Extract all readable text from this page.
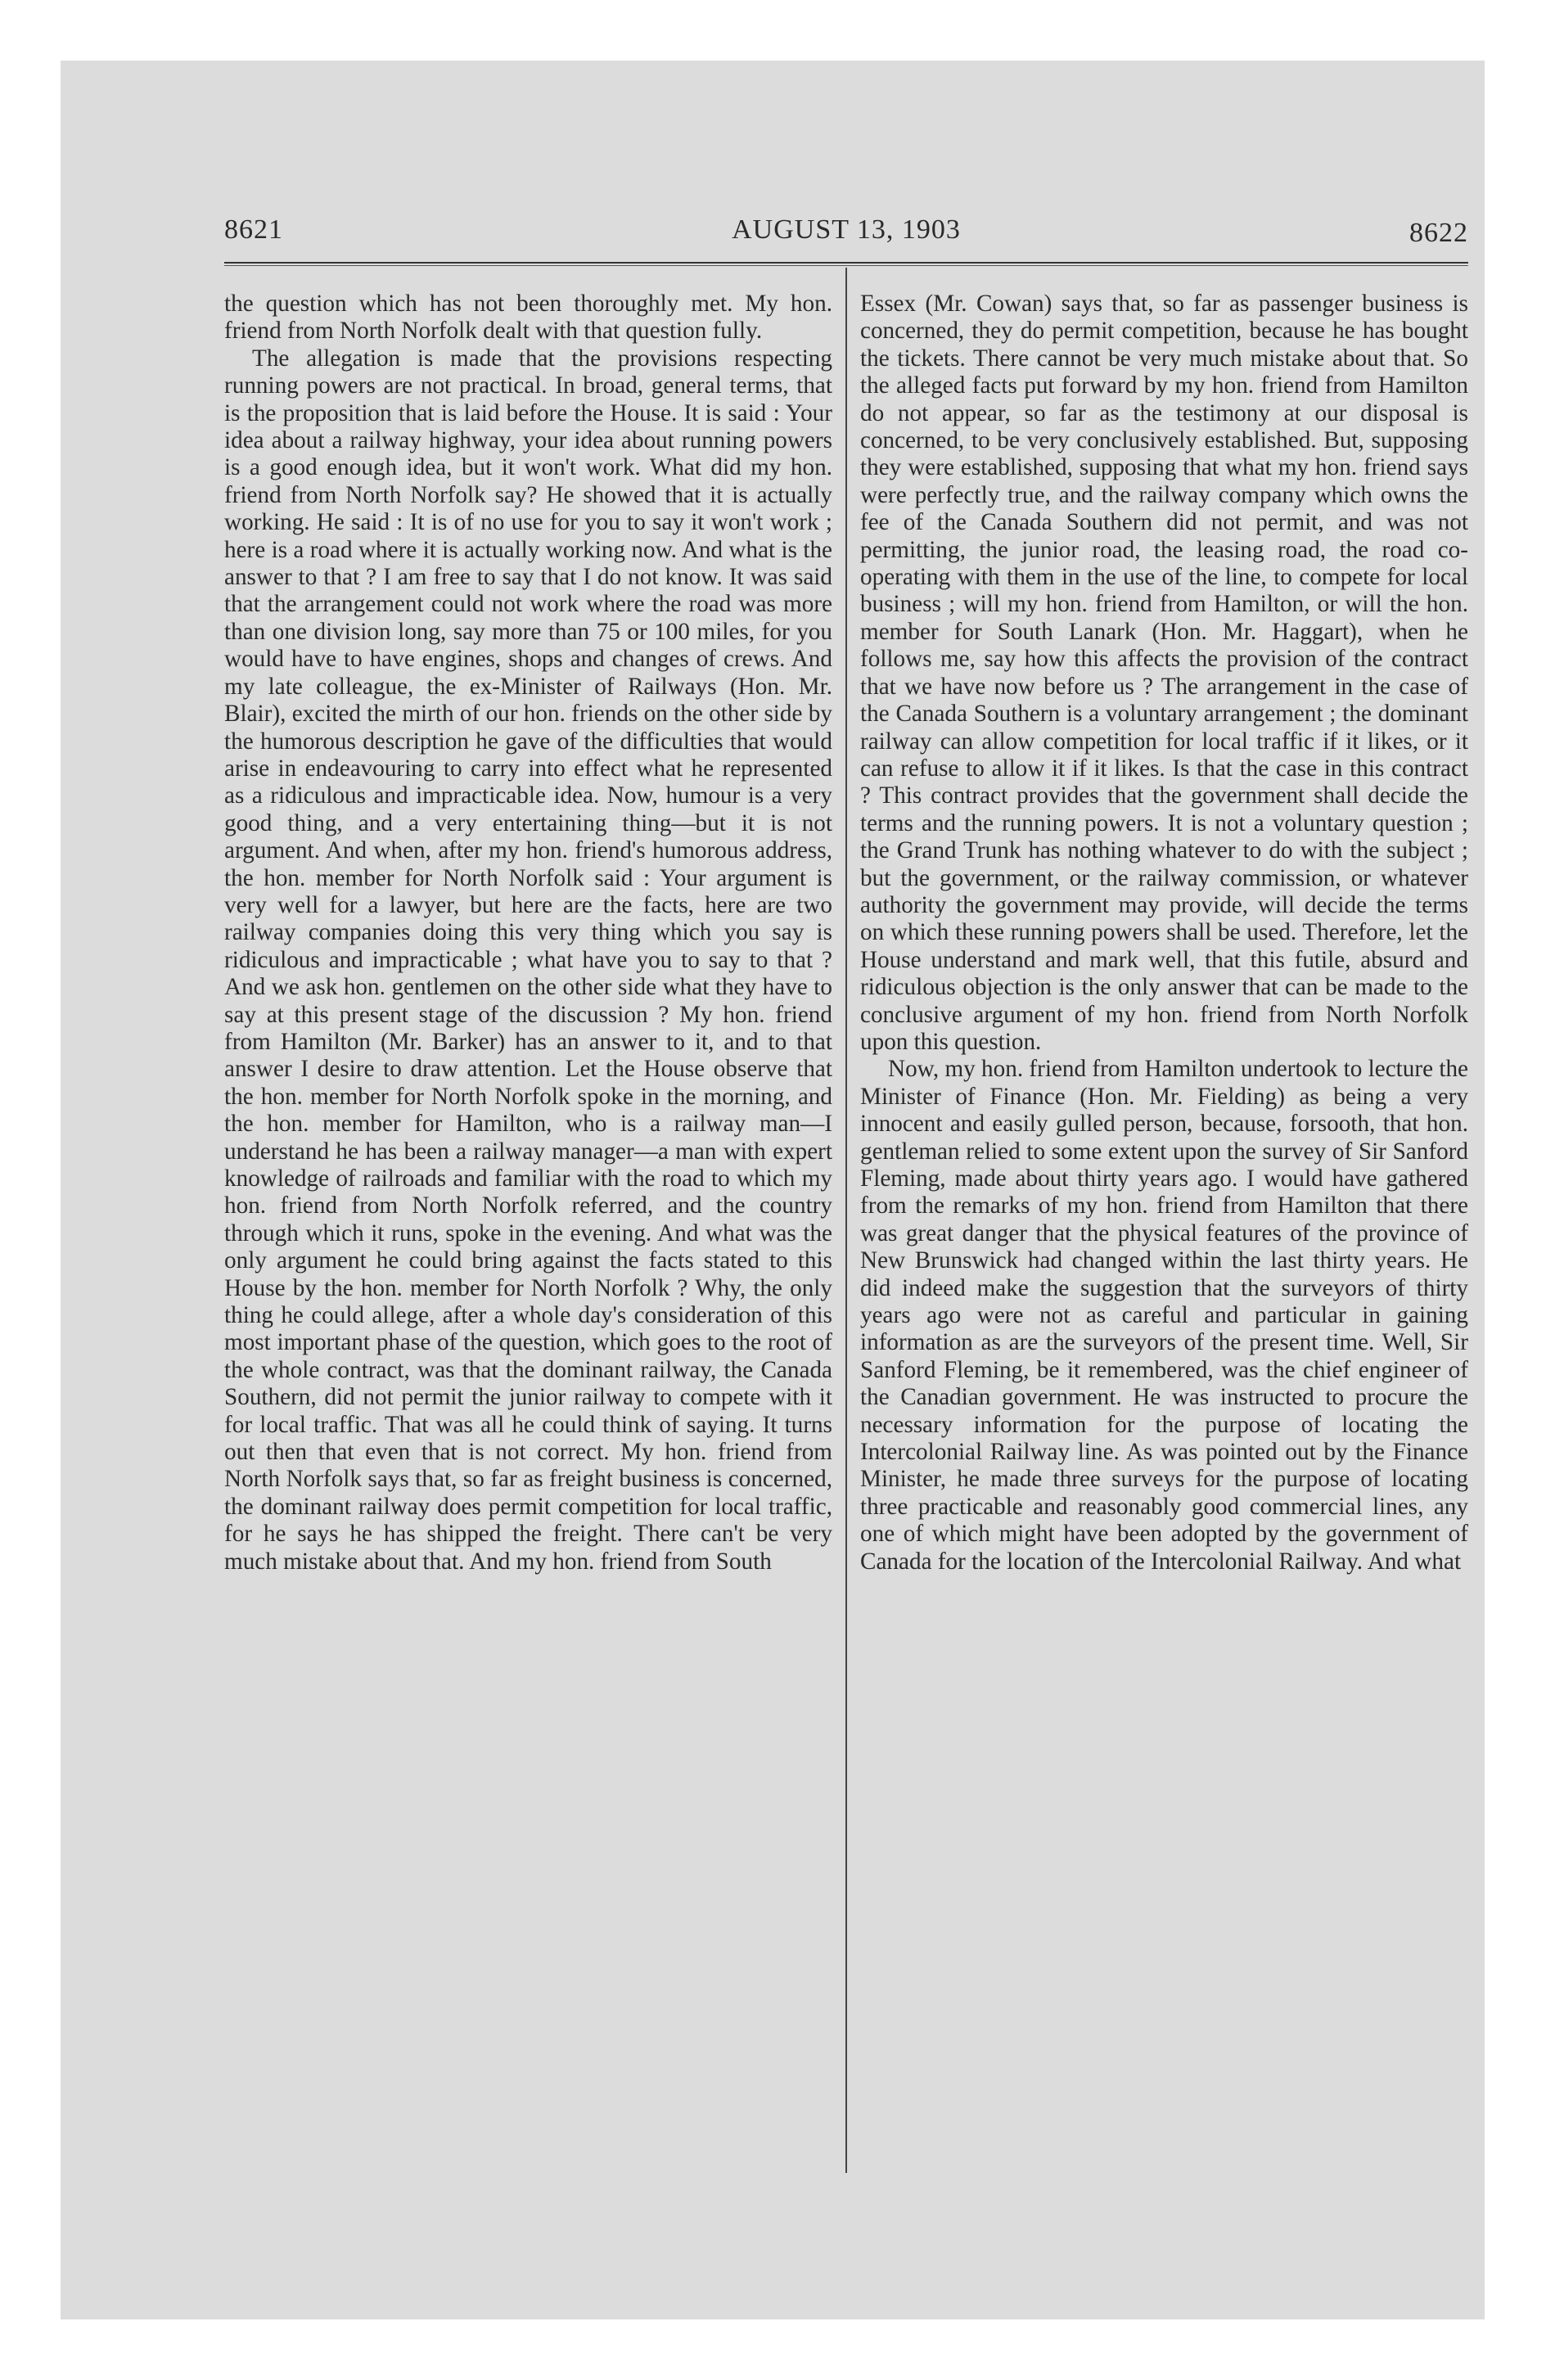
8621	AUGUST 13, 1903	8622

the question which has not been thoroughly met. My hon. friend from North Norfolk dealt with that question fully.

The allegation is made that the provisions respecting running powers are not practical. In broad, general terms, that is the proposition that is laid before the House. It is said : Your idea about a railway highway, your idea about running powers is a good enough idea, but it won't work. What did my hon. friend from North Norfolk say? He showed that it is actually working. He said : It is of no use for you to say it won't work ; here is a road where it is actually working now. And what is the answer to that ? I am free to say that I do not know. It was said that the arrangement could not work where the road was more than one division long, say more than 75 or 100 miles, for you would have to have engines, shops and changes of crews. And my late colleague, the ex-Minister of Railways (Hon. Mr. Blair), excited the mirth of our hon. friends on the other side by the humorous description he gave of the difficulties that would arise in endeavouring to carry into effect what he represented as a ridiculous and impracticable idea. Now, humour is a very good thing, and a very entertaining thing—but it is not argument. And when, after my hon. friend's humorous address, the hon. member for North Norfolk said : Your argument is very well for a lawyer, but here are the facts, here are two railway companies doing this very thing which you say is ridiculous and impracticable ; what have you to say to that ? And we ask hon. gentlemen on the other side what they have to say at this present stage of the discussion ? My hon. friend from Hamilton (Mr. Barker) has an answer to it, and to that answer I desire to draw attention. Let the House observe that the hon. member for North Norfolk spoke in the morning, and the hon. member for Hamilton, who is a railway man—I understand he has been a railway manager—a man with expert knowledge of railroads and familiar with the road to which my hon. friend from North Norfolk referred, and the country through which it runs, spoke in the evening. And what was the only argument he could bring against the facts stated to this House by the hon. member for North Norfolk ? Why, the only thing he could allege, after a whole day's consideration of this most important phase of the question, which goes to the root of the whole contract, was that the dominant railway, the Canada Southern, did not permit the junior railway to compete with it for local traffic. That was all he could think of saying. It turns out then that even that is not correct. My hon. friend from North Norfolk says that, so far as freight business is concerned, the dominant railway does permit competition for local traffic, for he says he has shipped the freight. There can't be very much mistake about that. And my hon. friend from South

Essex (Mr. Cowan) says that, so far as passenger business is concerned, they do permit competition, because he has bought the tickets. There cannot be very much mistake about that. So the alleged facts put forward by my hon. friend from Hamilton do not appear, so far as the testimony at our disposal is concerned, to be very conclusively established. But, supposing they were established, supposing that what my hon. friend says were perfectly true, and the railway company which owns the fee of the Canada Southern did not permit, and was not permitting, the junior road, the leasing road, the road co-operating with them in the use of the line, to compete for local business ; will my hon. friend from Hamilton, or will the hon. member for South Lanark (Hon. Mr. Haggart), when he follows me, say how this affects the provision of the contract that we have now before us ? The arrangement in the case of the Canada Southern is a voluntary arrangement ; the dominant railway can allow competition for local traffic if it likes, or it can refuse to allow it if it likes. Is that the case in this contract ? This contract provides that the government shall decide the terms and the running powers. It is not a voluntary question ; the Grand Trunk has nothing whatever to do with the subject ; but the government, or the railway commission, or whatever authority the government may provide, will decide the terms on which these running powers shall be used. Therefore, let the House understand and mark well, that this futile, absurd and ridiculous objection is the only answer that can be made to the conclusive argument of my hon. friend from North Norfolk upon this question.

Now, my hon. friend from Hamilton undertook to lecture the Minister of Finance (Hon. Mr. Fielding) as being a very innocent and easily gulled person, because, forsooth, that hon. gentleman relied to some extent upon the survey of Sir Sanford Fleming, made about thirty years ago. I would have gathered from the remarks of my hon. friend from Hamilton that there was great danger that the physical features of the province of New Brunswick had changed within the last thirty years. He did indeed make the suggestion that the surveyors of thirty years ago were not as careful and particular in gaining information as are the surveyors of the present time. Well, Sir Sanford Fleming, be it remembered, was the chief engineer of the Canadian government. He was instructed to procure the necessary information for the purpose of locating the Intercolonial Railway line. As was pointed out by the Finance Minister, he made three surveys for the purpose of locating three practicable and reasonably good commercial lines, any one of which might have been adopted by the government of Canada for the location of the Intercolonial Railway. And what
